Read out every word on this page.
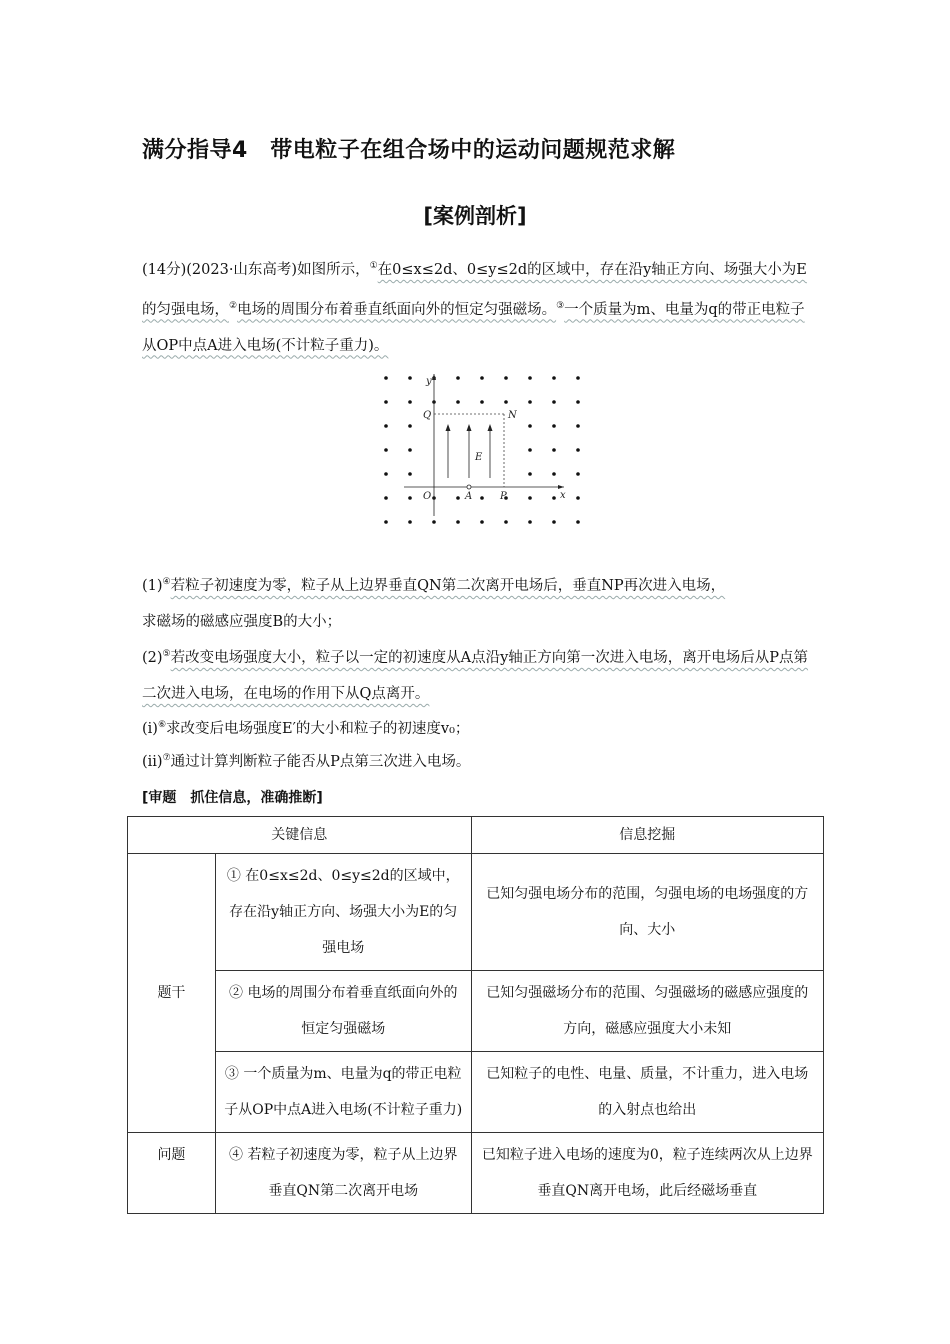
满分指导4　带电粒子在组合场中的运动问题规范求解
[案例剖析]
(14分)(2023·山东高考)如图所示，①在0≤x≤2d、0≤y≤2d的区域中，存在沿y轴正方向、场强大小为E的匀强电场，②电场的周围分布着垂直纸面向外的恒定匀强磁场。③一个质量为m、电量为q的带正电粒子从OP中点A进入电场(不计粒子重力)。
y
x
Q	N
E
O	A	P
(1)④若粒子初速度为零，粒子从上边界垂直QN第二次离开电场后，垂直NP再次进入电场，
求磁场的磁感应强度B的大小；
(2)⑤若改变电场强度大小，粒子以一定的初速度从A点沿y轴正方向第一次进入电场，离开电场后从P点第二次进入电场，在电场的作用下从Q点离开。
(ⅰ)⑥求改变后电场强度E′的大小和粒子的初速度v₀；
(ⅱ)⑦通过计算判断粒子能否从P点第三次进入电场。
[审题　抓住信息，准确推断]
关键信息		信息挖掘
题干	① 在0≤x≤2d、0≤y≤2d的区域中，存在沿y轴正方向、场强大小为E的匀强电场	已知匀强电场分布的范围，匀强电场的电场强度的方向、大小
	② 电场的周围分布着垂直纸面向外的恒定匀强磁场	已知匀强磁场分布的范围、匀强磁场的磁感应强度的方向，磁感应强度大小未知
	③ 一个质量为m、电量为q的带正电粒子从OP中点A进入电场(不计粒子重力)	已知粒子的电性、电量、质量，不计重力，进入电场的入射点也给出
问题	④ 若粒子初速度为零，粒子从上边界垂直QN第二次离开电场	已知粒子进入电场的速度为0，粒子连续两次从上边界垂直QN离开电场，此后经磁场垂直
